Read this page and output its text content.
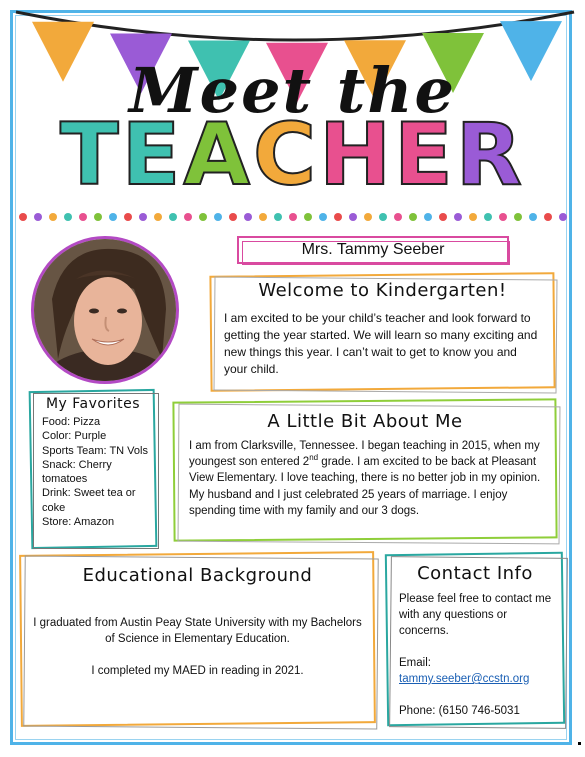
Meet the
TEACHER
Mrs. Tammy Seeber
Welcome to Kindergarten!
I am excited to be your child’s teacher and look forward to getting the year started. We will learn so many exciting and new things this year. I can’t wait to get to know you and your child.
My Favorites
Food: Pizza
Color: Purple
Sports Team: TN Vols
Snack: Cherry tomatoes
Drink: Sweet tea or coke
Store: Amazon
A Little Bit About Me
I am from Clarksville, Tennessee. I began teaching in 2015, when my youngest son entered 2nd grade. I am excited to be back at Pleasant View Elementary. I love teaching, there is no better job in my opinion. My husband and I just celebrated 25 years of marriage. I enjoy spending time with my family and our 3 dogs.
Educational Background

I graduated from Austin Peay State University with my Bachelors of Science in Elementary Education.

I completed my MAED in reading in 2021.

Contact Info

Please feel free to contact me with any questions or concerns.

Email:

tammy.seeber@ccstn.org

Phone: (6150 746-5031
